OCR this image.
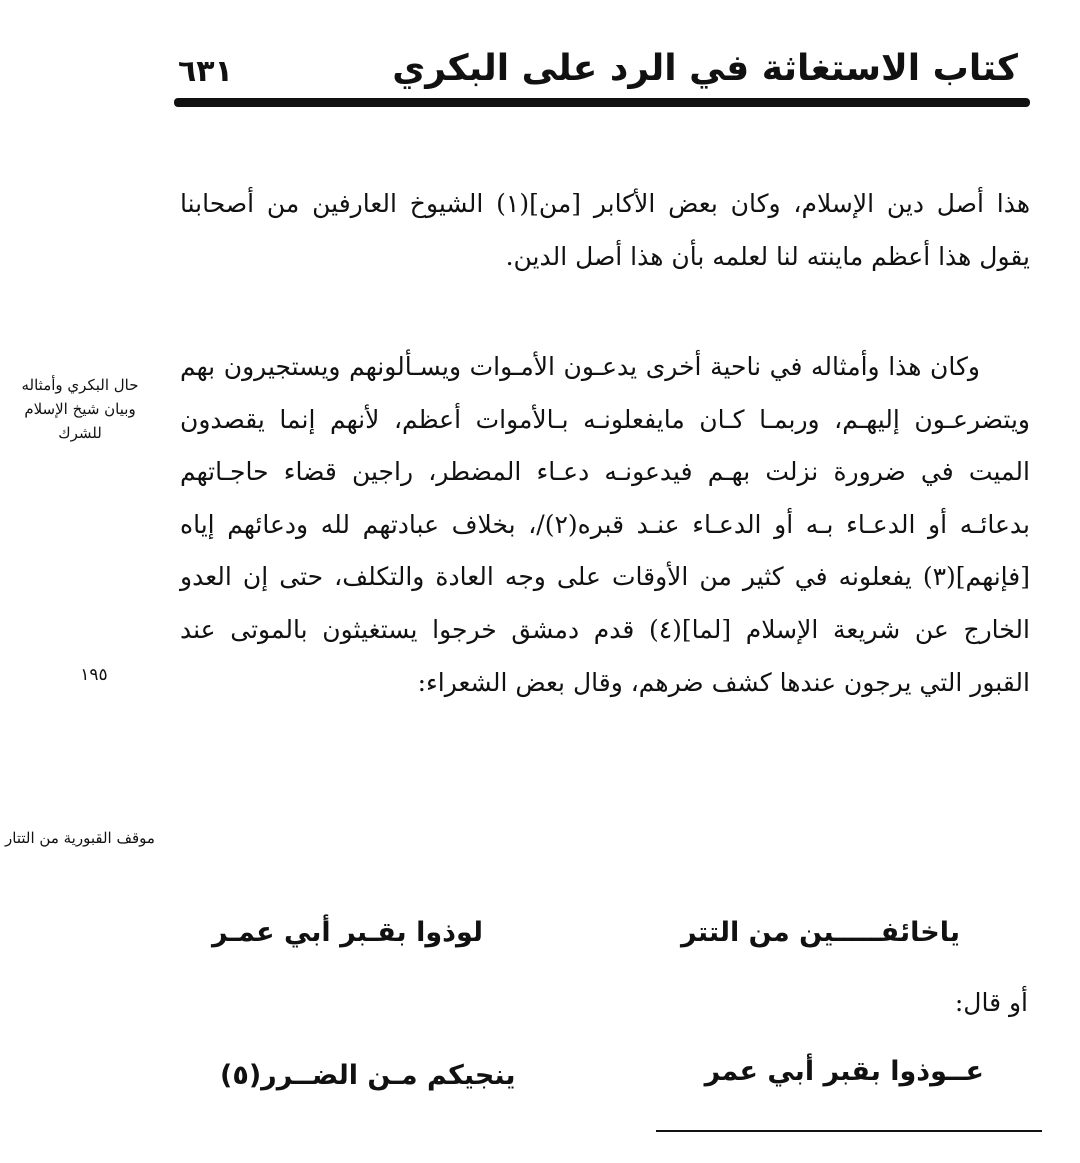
كتاب الاستغاثة في الرد على البكري
٦٣١

هذا أصل دين الإسلام، وكان بعض الأكابر [من](١) الشيوخ العارفين من أصحابنا يقول هذا أعظم ماينته لنا لعلمه بأن هذا أصل الدين.

وكان هذا وأمثاله في ناحية أخرى يدعـون الأمـوات ويسـألونهم ويستجيرون بهم ويتضرعـون إليهـم، وربمـا كـان مايفعلونـه بـالأموات أعظم، لأنهم إنما يقصدون الميت في ضرورة نزلت بهـم فيدعونـه دعـاء المضطر، راجين قضاء حاجـاتهم بدعائـه أو الدعـاء بـه أو الدعـاء عنـد قبره(٢)/، بخلاف عبادتهم لله ودعائهم إياه [فإنهم](٣) يفعلونه في كثير من الأوقات على وجه العادة والتكلف، حتى إن العدو الخارج عن شريعة الإسلام [لما](٤) قدم دمشق خرجوا يستغيثون بالموتى عند القبور التي يرجون عندها كشف ضرهم، وقال بعض الشعراء:

حال البكري وأمثاله وبيان شيخ الإسلام للشرك

١٩٥

موقف القبورية من التتار

ياخائفـــــين من التتر
لوذوا بقـبر أبي عمـر
أو قال:
عــوذوا بقبر أبي عمر
ينجيكم مـن الضــرر(٥)
